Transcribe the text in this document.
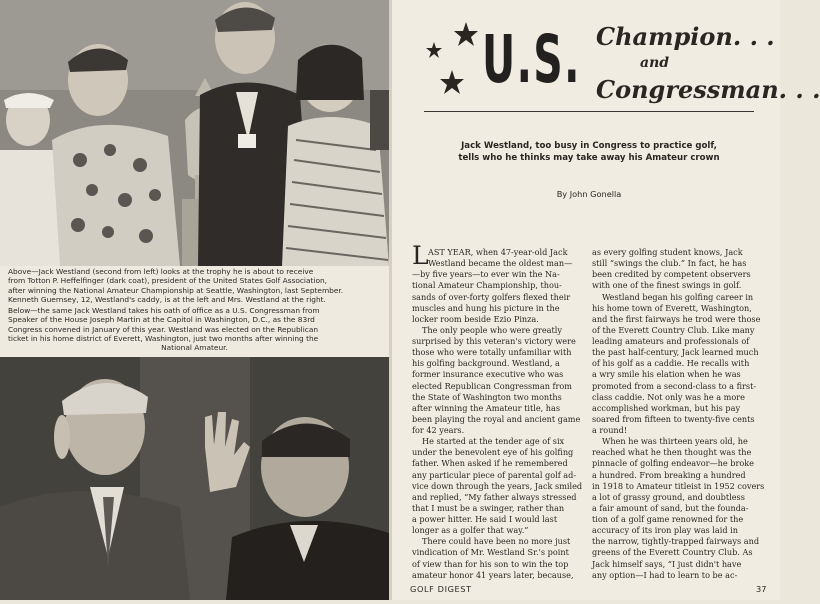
Above—Jack Westland (second from left) looks at the trophy he is about to receive
from Totton P. Heffelfinger (dark coat), president of the United States Golf Association,
after winning the National Amateur Championship at Seattle, Washington, last September.
Kenneth Guernsey, 12, Westland's caddy, is at the left and Mrs. Westland at the right.
Below—the same Jack Westland takes his oath of office as a U.S. Congressman from
Speaker of the House Joseph Martin at the Capitol in Washington, D.C., as the 83rd
Congress convened in January of this year. Westland was elected on the Republican
ticket in his home district of Everett, Washington, just two months after winning the
National Amateur.
U.S. Champion. . .
and
Congressman. . .
Jack Westland, too busy in Congress to practice golf,
tells who he thinks may take away his Amateur crown
By John Gonella
L AST YEAR, when 47-year-old Jack
Westland became the oldest man—
—by five years—to ever win the Na-
tional Amateur Championship, thou-
sands of over-forty golfers flexed their
muscles and hung his picture in the
locker room beside Ezio Pinza.
The only people who were greatly
surprised by this veteran's victory were
those who were totally unfamiliar with
his golfing background. Westland, a
former insurance executive who was
elected Republican Congressman from
the State of Washington two months
after winning the Amateur title, has
been playing the royal and ancient game
for 42 years.
He started at the tender age of six
under the benevolent eye of his golfing
father. When asked if he remembered
any particular piece of parental golf ad-
vice down through the years, Jack smiled
and replied, “My father always stressed
that I must be a swinger, rather than
a power hitter. He said I would last
longer as a golfer that way.”
There could have been no more just
vindication of Mr. Westland Sr.'s point
of view than for his son to win the top
amateur honor 41 years later, because,
as every golfing student knows, Jack
still “swings the club.” In fact, he has
been credited by competent observers
with one of the finest swings in golf.
Westland began his golfing career in
his home town of Everett, Washington,
and the first fairways he trod were those
of the Everett Country Club. Like many
leading amateurs and professionals of
the past half-century, Jack learned much
of his golf as a caddie. He recalls with
a wry smile his elation when he was
promoted from a second-class to a first-
class caddie. Not only was he a more
accomplished workman, but his pay
soared from fifteen to twenty-five cents
a round!
When he was thirteen years old, he
reached what he then thought was the
pinnacle of golfing endeavor—he broke
a hundred. From breaking a hundred
in 1918 to Amateur titleist in 1952 covers
a lot of grassy ground, and doubtless
a fair amount of sand, but the founda-
tion of a golf game renowned for the
accuracy of its iron play was laid in
the narrow, tightly-trapped fairways and
greens of the Everett Country Club. As
Jack himself says, “I just didn't have
any option—I had to learn to be ac-
GOLF DIGEST	37
